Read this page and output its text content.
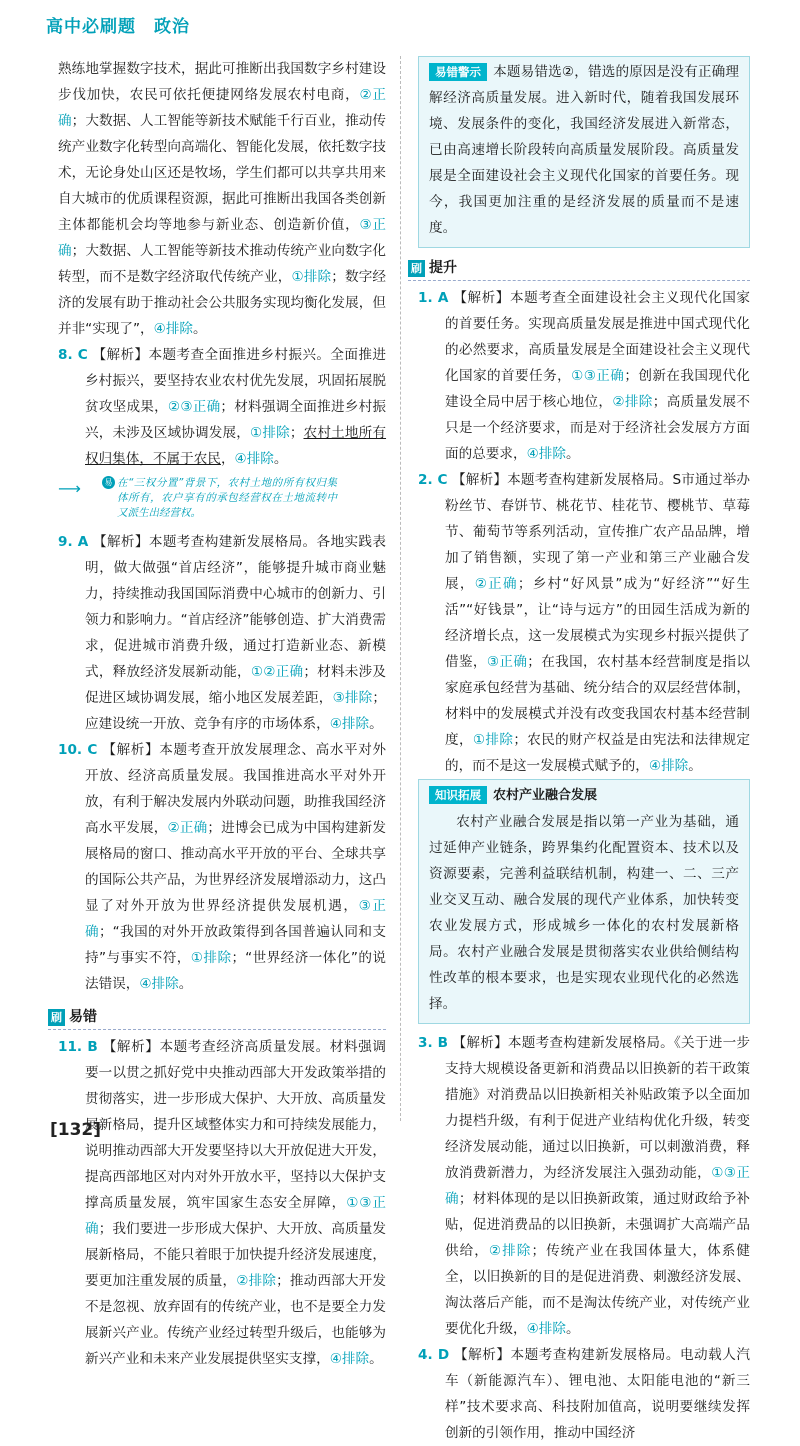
高中必刷题　政治

熟练地掌握数字技术，据此可推断出我国数字乡村建设步伐加快，农民可依托便捷网络发展农村电商，②正确；大数据、人工智能等新技术赋能千行百业，推动传统产业数字化转型向高端化、智能化发展，依托数字技术，无论身处山区还是牧场，学生们都可以共享共用来自大城市的优质课程资源，据此可推断出我国各类创新主体都能机会均等地参与新业态、创造新价值，③正确；大数据、人工智能等新技术推动传统产业向数字化转型，而不是数字经济取代传统产业，①排除；数字经济的发展有助于推动社会公共服务实现均衡化发展，但并非“实现了”，④排除。

8. C 【解析】本题考查全面推进乡村振兴。全面推进乡村振兴，要坚持农业农村优先发展，巩固拓展脱贫攻坚成果，②③正确；材料强调全面推进乡村振兴，未涉及区域协调发展，①排除；农村土地所有权归集体，不属于农民，④排除。

⟶	易错
在“三权分置”背景下，农村土地的所有权归集体所有，农户享有的承包经营权在土地流转中又派生出经营权。

9. A 【解析】本题考查构建新发展格局。各地实践表明，做大做强“首店经济”，能够提升城市商业魅力，持续推动我国国际消费中心城市的创新力、引领力和影响力。“首店经济”能够创造、扩大消费需求，促进城市消费升级，通过打造新业态、新模式，释放经济发展新动能，①②正确；材料未涉及促进区域协调发展，缩小地区发展差距，③排除；应建设统一开放、竞争有序的市场体系，④排除。

10. C 【解析】本题考查开放发展理念、高水平对外开放、经济高质量发展。我国推进高水平对外开放，有利于解决发展内外联动问题，助推我国经济高水平发展，②正确；进博会已成为中国构建新发展格局的窗口、推动高水平开放的平台、全球共享的国际公共产品，为世界经济发展增添动力，这凸显了对外开放为世界经济提供发展机遇，③正确；“我国的对外开放政策得到各国普遍认同和支持”与事实不符，①排除；“世界经济一体化”的说法错误，④排除。

刷 易错

11. B 【解析】本题考查经济高质量发展。材料强调要一以贯之抓好党中央推动西部大开发政策举措的贯彻落实，进一步形成大保护、大开放、高质量发展新格局，提升区域整体实力和可持续发展能力，说明推动西部大开发要坚持以大开放促进大开发，提高西部地区对内对外开放水平，坚持以大保护支撑高质量发展，筑牢国家生态安全屏障，①③正确；我们要进一步形成大保护、大开放、高质量发展新格局，不能只着眼于加快提升经济发展速度，要更加注重发展的质量，②排除；推动西部大开发不是忽视、放弃固有的传统产业，也不是要全力发展新兴产业。传统产业经过转型升级后，也能够为新兴产业和未来产业发展提供坚实支撑，④排除。

易错警示 本题易错选②，错选的原因是没有正确理解经济高质量发展。进入新时代，随着我国发展环境、发展条件的变化，我国经济发展进入新常态，已由高速增长阶段转向高质量发展阶段。高质量发展是全面建设社会主义现代化国家的首要任务。现今，我国更加注重的是经济发展的质量而不是速度。
刷 提升

1. A 【解析】本题考查全面建设社会主义现代化国家的首要任务。实现高质量发展是推进中国式现代化的必然要求，高质量发展是全面建设社会主义现代化国家的首要任务，①③正确；创新在我国现代化建设全局中居于核心地位，②排除；高质量发展不只是一个经济要求，而是对于经济社会发展方方面面的总要求，④排除。

2. C 【解析】本题考查构建新发展格局。S市通过举办粉丝节、春饼节、桃花节、桂花节、樱桃节、草莓节、葡萄节等系列活动，宣传推广农产品品牌，增加了销售额，实现了第一产业和第三产业融合发展，②正确；乡村“好风景”成为“好经济”“好生活”“好钱景”，让“诗与远方”的田园生活成为新的经济增长点，这一发展模式为实现乡村振兴提供了借鉴，③正确；在我国，农村基本经营制度是指以家庭承包经营为基础、统分结合的双层经营体制，材料中的发展模式并没有改变我国农村基本经营制度，①排除；农民的财产权益是由宪法和法律规定的，而不是这一发展模式赋予的，④排除。

知识拓展 农村产业融合发展

农村产业融合发展是指以第一产业为基础，通过延伸产业链条，跨界集约化配置资本、技术以及资源要素，完善利益联结机制，构建一、二、三产业交叉互动、融合发展的现代产业体系，加快转变农业发展方式，形成城乡一体化的农村发展新格局。农村产业融合发展是贯彻落实农业供给侧结构性改革的根本要求，也是实现农业现代化的必然选择。

3. B 【解析】本题考查构建新发展格局。《关于进一步支持大规模设备更新和消费品以旧换新的若干政策措施》对消费品以旧换新相关补贴政策予以全面加力提档升级，有利于促进产业结构优化升级，转变经济发展动能，通过以旧换新，可以刺激消费，释放消费新潜力，为经济发展注入强劲动能，①③正确；材料体现的是以旧换新政策，通过财政给予补贴，促进消费品的以旧换新，未强调扩大高端产品供给，②排除；传统产业在我国体量大，体系健全，以旧换新的目的是促进消费、刺激经济发展、淘汰落后产能，而不是淘汰传统产业，对传统产业要优化升级，④排除。

4. D 【解析】本题考查构建新发展格局。电动载人汽车（新能源汽车）、锂电池、太阳能电池的“新三样”技术要求高、科技附加值高，说明要继续发挥创新的引领作用，推动中国经济

[132]
